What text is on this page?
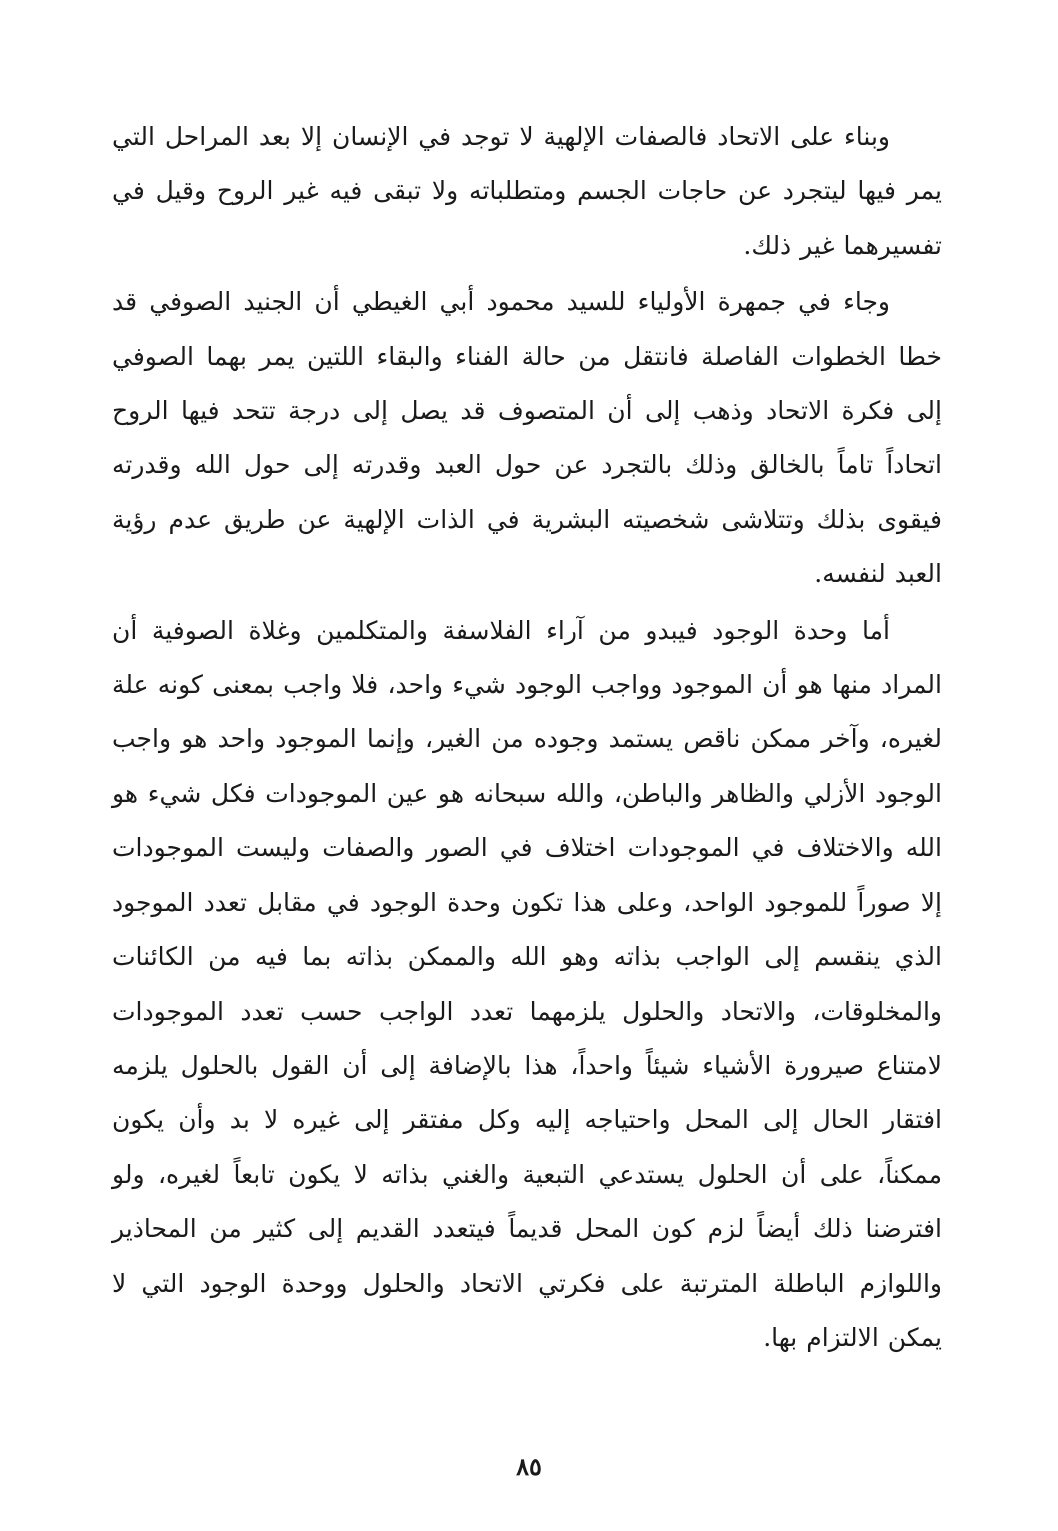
وبناء على الاتحاد فالصفات الإلهية لا توجد في الإنسان إلا بعد المراحل التي يمر فيها ليتجرد عن حاجات الجسم ومتطلباته ولا تبقى فيه غير الروح وقيل في تفسيرهما غير ذلك.

وجاء في جمهرة الأولياء للسيد محمود أبي الغيطي أن الجنيد الصوفي قد خطا الخطوات الفاصلة فانتقل من حالة الفناء والبقاء اللتين يمر بهما الصوفي إلى فكرة الاتحاد وذهب إلى أن المتصوف قد يصل إلى درجة تتحد فيها الروح اتحاداً تاماً بالخالق وذلك بالتجرد عن حول العبد وقدرته إلى حول الله وقدرته فيقوى بذلك وتتلاشى شخصيته البشرية في الذات الإلهية عن طريق عدم رؤية العبد لنفسه.

أما وحدة الوجود فيبدو من آراء الفلاسفة والمتكلمين وغلاة الصوفية أن المراد منها هو أن الموجود وواجب الوجود شيء واحد، فلا واجب بمعنى كونه علة لغيره، وآخر ممكن ناقص يستمد وجوده من الغير، وإنما الموجود واحد هو واجب الوجود الأزلي والظاهر والباطن، والله سبحانه هو عين الموجودات فكل شيء هو الله والاختلاف في الموجودات اختلاف في الصور والصفات وليست الموجودات إلا صوراً للموجود الواحد، وعلى هذا تكون وحدة الوجود في مقابل تعدد الموجود الذي ينقسم إلى الواجب بذاته وهو الله والممكن بذاته بما فيه من الكائنات والمخلوقات، والاتحاد والحلول يلزمهما تعدد الواجب حسب تعدد الموجودات لامتناع صيرورة الأشياء شيئاً واحداً، هذا بالإضافة إلى أن القول بالحلول يلزمه افتقار الحال إلى المحل واحتياجه إليه وكل مفتقر إلى غيره لا بد وأن يكون ممكناً، على أن الحلول يستدعي التبعية والغني بذاته لا يكون تابعاً لغيره، ولو افترضنا ذلك أيضاً لزم كون المحل قديماً فيتعدد القديم إلى كثير من المحاذير واللوازم الباطلة المترتبة على فكرتي الاتحاد والحلول ووحدة الوجود التي لا يمكن الالتزام بها.

٨٥
